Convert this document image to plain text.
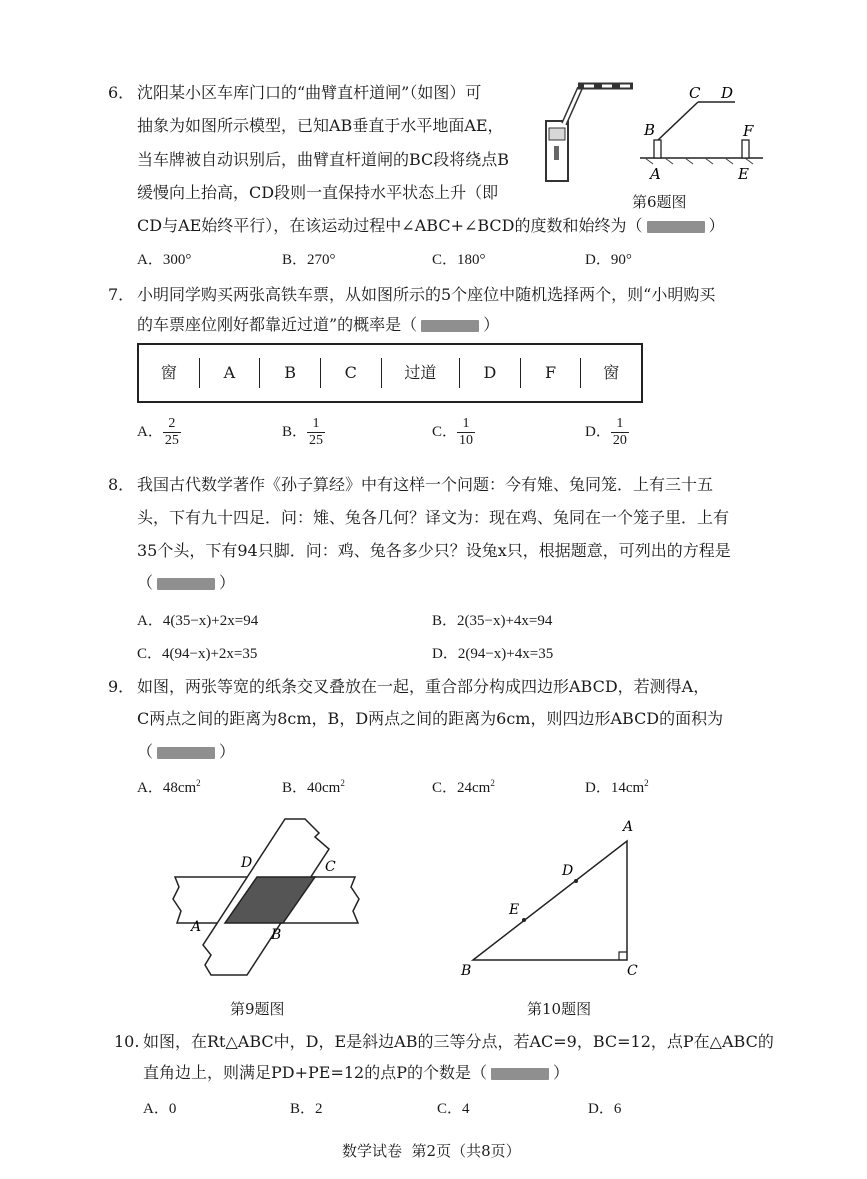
6． 沈阳某小区车库门口的“曲臂直杆道闸”（如图）可
抽象为如图所示模型，已知AB垂直于水平地面AE，
当车牌被自动识别后，曲臂直杆道闸的BC段将绕点B
缓慢向上抬高，CD段则一直保持水平状态上升（即
CD与AE始终平行），在该运动过程中∠ABC+∠BCD的度数和始终为（	）
C D
B	F
A	E
第6题图
A．300°	B．270°	C．180°	D．90°
7． 小明同学购买两张高铁车票，从如图所示的5个座位中随机选择两个，则“小明购买
的车票座位刚好都靠近过道”的概率是（	）
窗	A	B	C	过道	D	F	窗
A． $\frac{2}{25}$	B． $\frac{1}{25}$	C． $\frac{1}{10}$	D． $\frac{1}{20}$
8． 我国古代数学著作《孙子算经》中有这样一个问题：今有雉、兔同笼．上有三十五
头，下有九十四足．问：雉、兔各几何？译文为：现在鸡、兔同在一个笼子里．上有
35个头，下有94只脚．问：鸡、兔各多少只？设兔x只，根据题意，可列出的方程是
（	）
A．4(35−x)+2x=94	B．2(35−x)+4x=94
C．4(94−x)+2x=35	D．2(94−x)+4x=35
9． 如图，两张等宽的纸条交叉叠放在一起，重合部分构成四边形ABCD，若测得A，
C两点之间的距离为8cm，B，D两点之间的距离为6cm，则四边形ABCD的面积为
（	）
A．$48cm^2$	B．$40cm^2$	C．$24cm^2$	D．$14cm^2$
D	C
A	B
第9题图
A
D
E
B	C
第10题图
10. 如图，在Rt△ABC中，D，E是斜边AB的三等分点，若AC=9，BC=12，点P在△ABC的
直角边上，则满足PD+PE=12的点P的个数是（	）
A．0	B．2	C．4	D．6
数学试卷  第2页（共8页）
